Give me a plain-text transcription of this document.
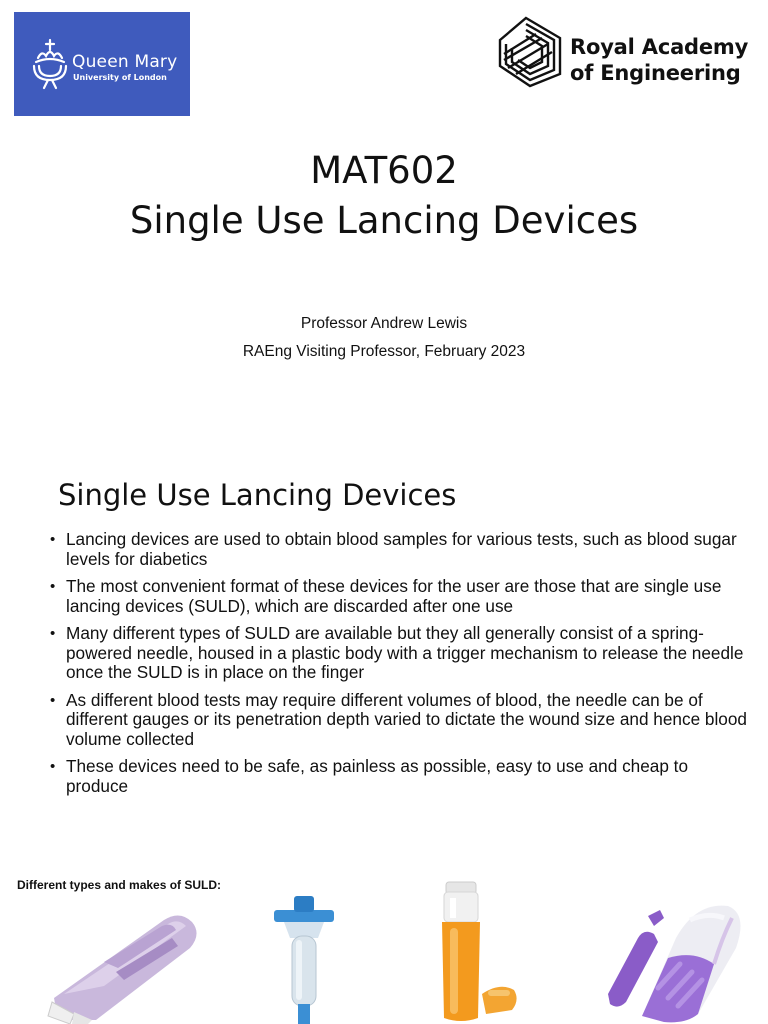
Queen Mary
University of London
Royal Academy
of Engineering
MAT602
Single Use Lancing Devices
Professor Andrew Lewis
RAEng Visiting Professor, February 2023
Single Use Lancing Devices
• Lancing devices are used to obtain blood samples for various tests, such as blood sugar levels for diabetics
• The most convenient format of these devices for the user are those that are single use lancing devices (SULD), which are discarded after one use
• Many different types of SULD are available but they all generally consist of a spring-powered needle, housed in a plastic body with a trigger mechanism to release the needle once the SULD is in place on the finger
• As different blood tests may require different volumes of blood, the needle can be of different gauges or its penetration depth varied to dictate the wound size and hence blood volume collected
• These devices need to be safe, as painless as possible, easy to use and cheap to produce
Different types and makes of SULD:
